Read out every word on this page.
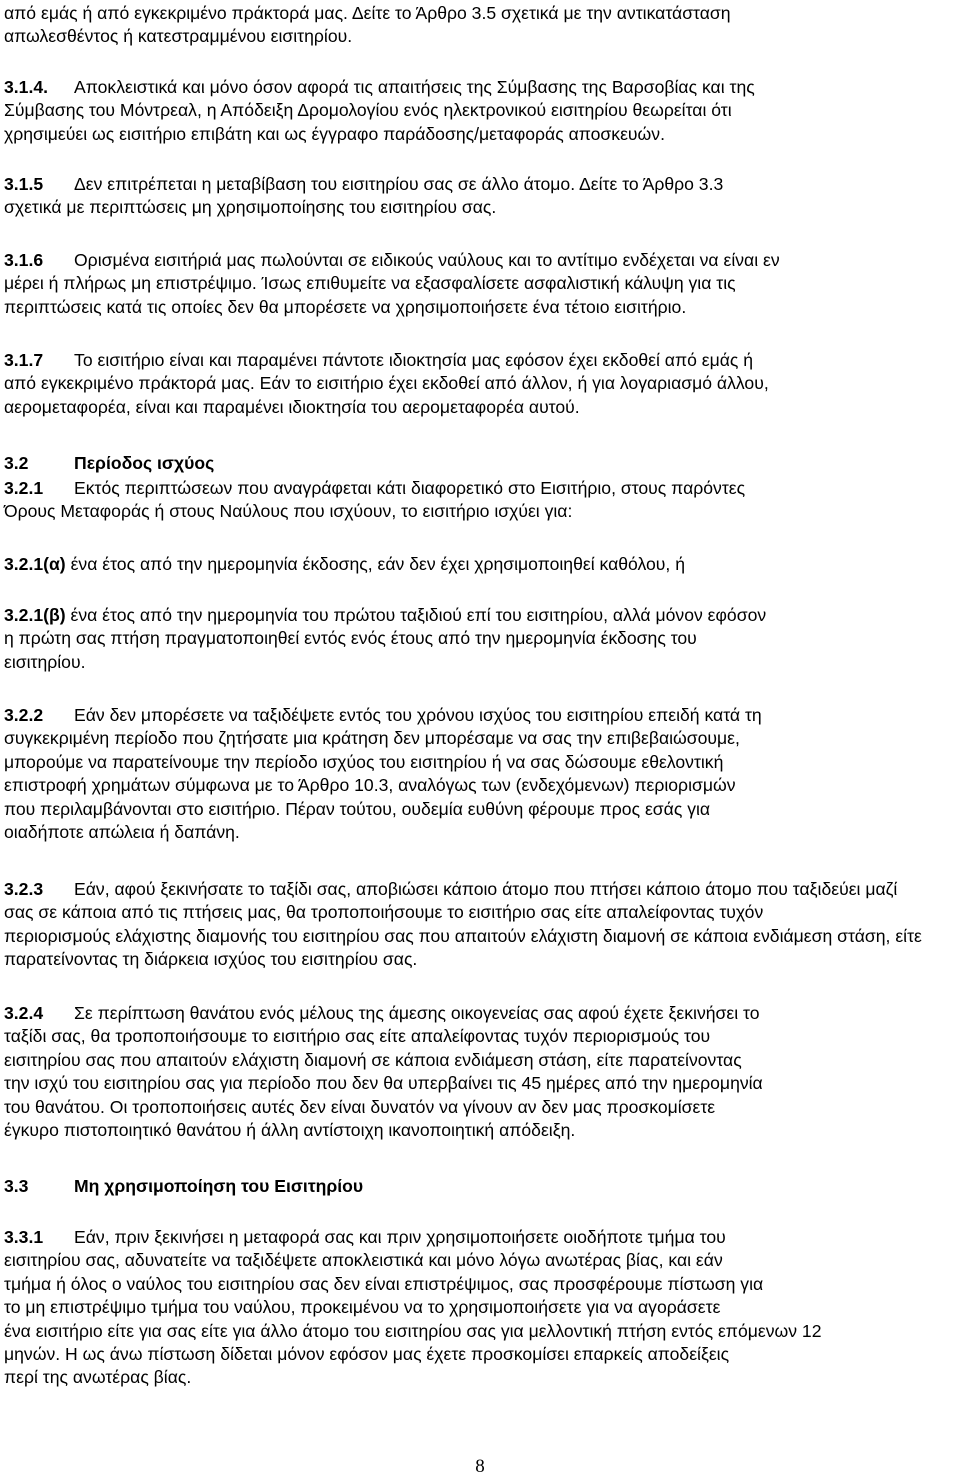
από εμάς ή από εγκεκριμένο πράκτορά μας. Δείτε το Άρθρο 3.5 σχετικά με την αντικατάσταση
απωλεσθέντος ή κατεστραμμένου εισιτηρίου.

3.1.4. Αποκλειστικά και μόνο όσον αφορά τις απαιτήσεις της Σύμβασης της Βαρσοβίας και της
Σύμβασης του Μόντρεαλ, η Απόδειξη Δρομολογίου ενός ηλεκτρονικού εισιτηρίου θεωρείται ότι
χρησιμεύει ως εισιτήριο επιβάτη και ως έγγραφο παράδοσης/μεταφοράς αποσκευών.

3.1.5 Δεν επιτρέπεται η μεταβίβαση του εισιτηρίου σας σε άλλο άτομο. Δείτε το Άρθρο 3.3
σχετικά με περιπτώσεις μη χρησιμοποίησης του εισιτηρίου σας.

3.1.6 Ορισμένα εισιτήριά μας πωλούνται σε ειδικούς ναύλους και το αντίτιμο ενδέχεται να είναι εν
μέρει ή πλήρως μη επιστρέψιμο. Ίσως επιθυμείτε να εξασφαλίσετε ασφαλιστική κάλυψη για τις
περιπτώσεις κατά τις οποίες δεν θα μπορέσετε να χρησιμοποιήσετε ένα τέτοιο εισιτήριο.

3.1.7 Το εισιτήριο είναι και παραμένει πάντοτε ιδιοκτησία μας εφόσον έχει εκδοθεί από εμάς ή
από εγκεκριμένο πράκτορά μας. Εάν το εισιτήριο έχει εκδοθεί από άλλον, ή για λογαριασμό άλλου,
αερομεταφορέα, είναι και παραμένει ιδιοκτησία του αερομεταφορέα αυτού.

3.2	Περίοδος ισχύος

3.2.1 Εκτός περιπτώσεων που αναγράφεται κάτι διαφορετικό στο Εισιτήριο, στους παρόντες
Όρους Μεταφοράς ή στους Ναύλους που ισχύουν, το εισιτήριο ισχύει για:

3.2.1(α) ένα έτος από την ημερομηνία έκδοσης, εάν δεν έχει χρησιμοποιηθεί καθόλου, ή

3.2.1(β) ένα έτος από την ημερομηνία του πρώτου ταξιδιού επί του εισιτηρίου, αλλά μόνον εφόσον
η πρώτη σας πτήση πραγματοποιηθεί εντός ενός έτους από την ημερομηνία έκδοσης του
εισιτηρίου.

3.2.2 Εάν δεν μπορέσετε να ταξιδέψετε εντός του χρόνου ισχύος του εισιτηρίου επειδή κατά τη
συγκεκριμένη περίοδο που ζητήσατε μια κράτηση δεν μπορέσαμε να σας την επιβεβαιώσουμε,
μπορούμε να παρατείνουμε την περίοδο ισχύος του εισιτηρίου ή να σας δώσουμε εθελοντική
επιστροφή χρημάτων σύμφωνα με το Άρθρο 10.3, αναλόγως των (ενδεχόμενων) περιορισμών
που περιλαμβάνονται στο εισιτήριο. Πέραν τούτου, ουδεμία ευθύνη φέρουμε προς εσάς για
οιαδήποτε απώλεια ή δαπάνη.

3.2.3 Εάν, αφού ξεκινήσατε το ταξίδι σας, αποβιώσει κάποιο άτομο που πτήσει κάποιο άτομο που ταξιδεύει μαζί
σας σε κάποια από τις πτήσεις μας, θα τροποποιήσουμε το εισιτήριο σας είτε απαλείφοντας τυχόν
περιορισμούς ελάχιστης διαμονής του εισιτηρίου σας που απαιτούν ελάχιστη διαμονή σε κάποια ενδιάμεση στάση, είτε
παρατείνοντας τη διάρκεια ισχύος του εισιτηρίου σας.

3.2.4 Σε περίπτωση θανάτου ενός μέλους της άμεσης οικογενείας σας αφού έχετε ξεκινήσει το
ταξίδι σας, θα τροποποιήσουμε το εισιτήριο σας είτε απαλείφοντας τυχόν περιορισμούς του
εισιτηρίου σας που απαιτούν ελάχιστη διαμονή σε κάποια ενδιάμεση στάση, είτε παρατείνοντας
την ισχύ του εισιτηρίου σας για περίοδο που δεν θα υπερβαίνει τις 45 ημέρες από την ημερομηνία
του θανάτου. Οι τροποποιήσεις αυτές δεν είναι δυνατόν να γίνουν αν δεν μας προσκομίσετε
έγκυρο πιστοποιητικό θανάτου ή άλλη αντίστοιχη ικανοποιητική απόδειξη.

3.3	Μη χρησιμοποίηση του Εισιτηρίου

3.3.1 Εάν, πριν ξεκινήσει η μεταφορά σας και πριν χρησιμοποιήσετε οιοδήποτε τμήμα του
εισιτηρίου σας, αδυνατείτε να ταξιδέψετε αποκλειστικά και μόνο λόγω ανωτέρας βίας, και εάν
τμήμα ή όλος ο ναύλος του εισιτηρίου σας δεν είναι επιστρέψιμος, σας προσφέρουμε πίστωση για
το μη επιστρέψιμο τμήμα του ναύλου, προκειμένου να το χρησιμοποιήσετε για να αγοράσετε
ένα εισιτήριο είτε για σας είτε για άλλο άτομο του εισιτηρίου σας για μελλοντική πτήση εντός επόμενων 12
μηνών. Η ως άνω πίστωση δίδεται μόνον εφόσον μας έχετε προσκομίσει επαρκείς αποδείξεις
περί της ανωτέρας βίας.

8
